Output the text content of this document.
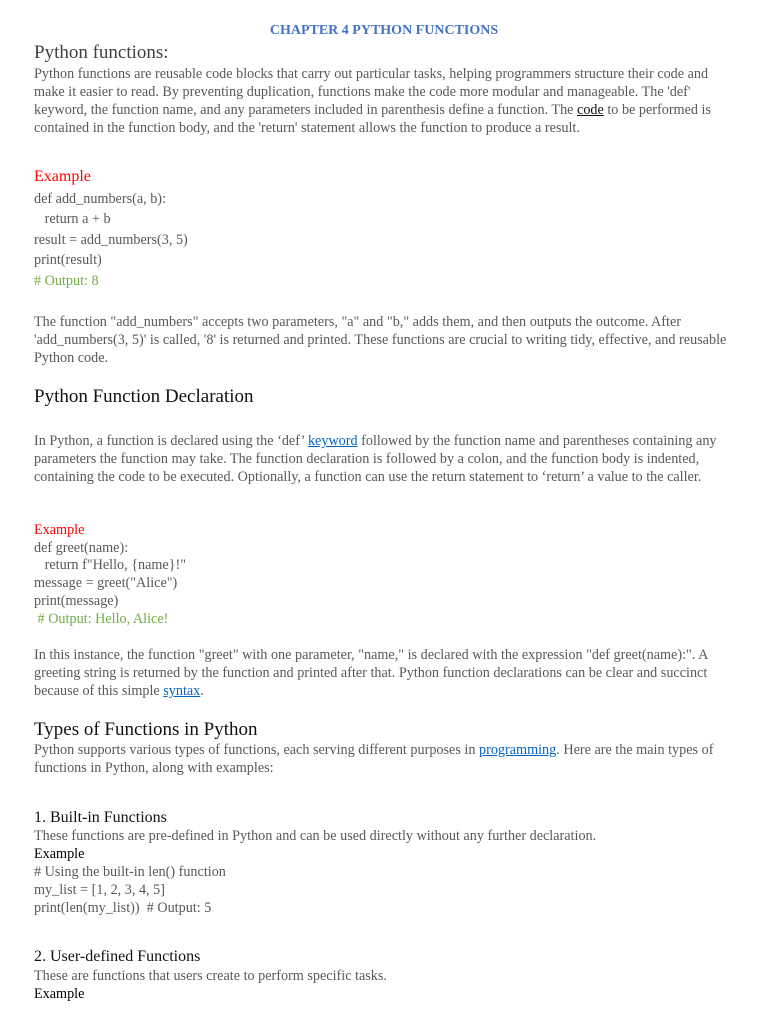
CHAPTER 4 PYTHON FUNCTIONS
Python functions:
Python functions are reusable code blocks that carry out particular tasks, helping programmers structure their code and make it easier to read. By preventing duplication, functions make the code more modular and manageable. The 'def' keyword, the function name, and any parameters included in parenthesis define a function. The code to be performed is contained in the function body, and the 'return' statement allows the function to produce a result.
Example
def add_numbers(a, b):
return a + b
result = add_numbers(3, 5)
print(result)
# Output: 8
The function "add_numbers" accepts two parameters, "a" and "b," adds them, and then outputs the outcome. After 'add_numbers(3, 5)' is called, '8' is returned and printed. These functions are crucial to writing tidy, effective, and reusable Python code.
Python Function Declaration
In Python, a function is declared using the ‘def’ keyword followed by the function name and parentheses containing any parameters the function may take. The function declaration is followed by a colon, and the function body is indented, containing the code to be executed. Optionally, a function can use the return statement to ‘return’ a value to the caller.
Example
def greet(name):
return f"Hello, {name}!"
message = greet("Alice")
print(message)
# Output: Hello, Alice!
In this instance, the function "greet" with one parameter, "name," is declared with the expression "def greet(name):". A greeting string is returned by the function and printed after that. Python function declarations can be clear and succinct because of this simple syntax.
Types of Functions in Python
Python supports various types of functions, each serving different purposes in programming. Here are the main types of functions in Python, along with examples:
1. Built-in Functions
These functions are pre-defined in Python and can be used directly without any further declaration.
Example
# Using the built-in len() function
my_list = [1, 2, 3, 4, 5]
print(len(my_list))  # Output: 5
2. User-defined Functions
These are functions that users create to perform specific tasks.
Example
